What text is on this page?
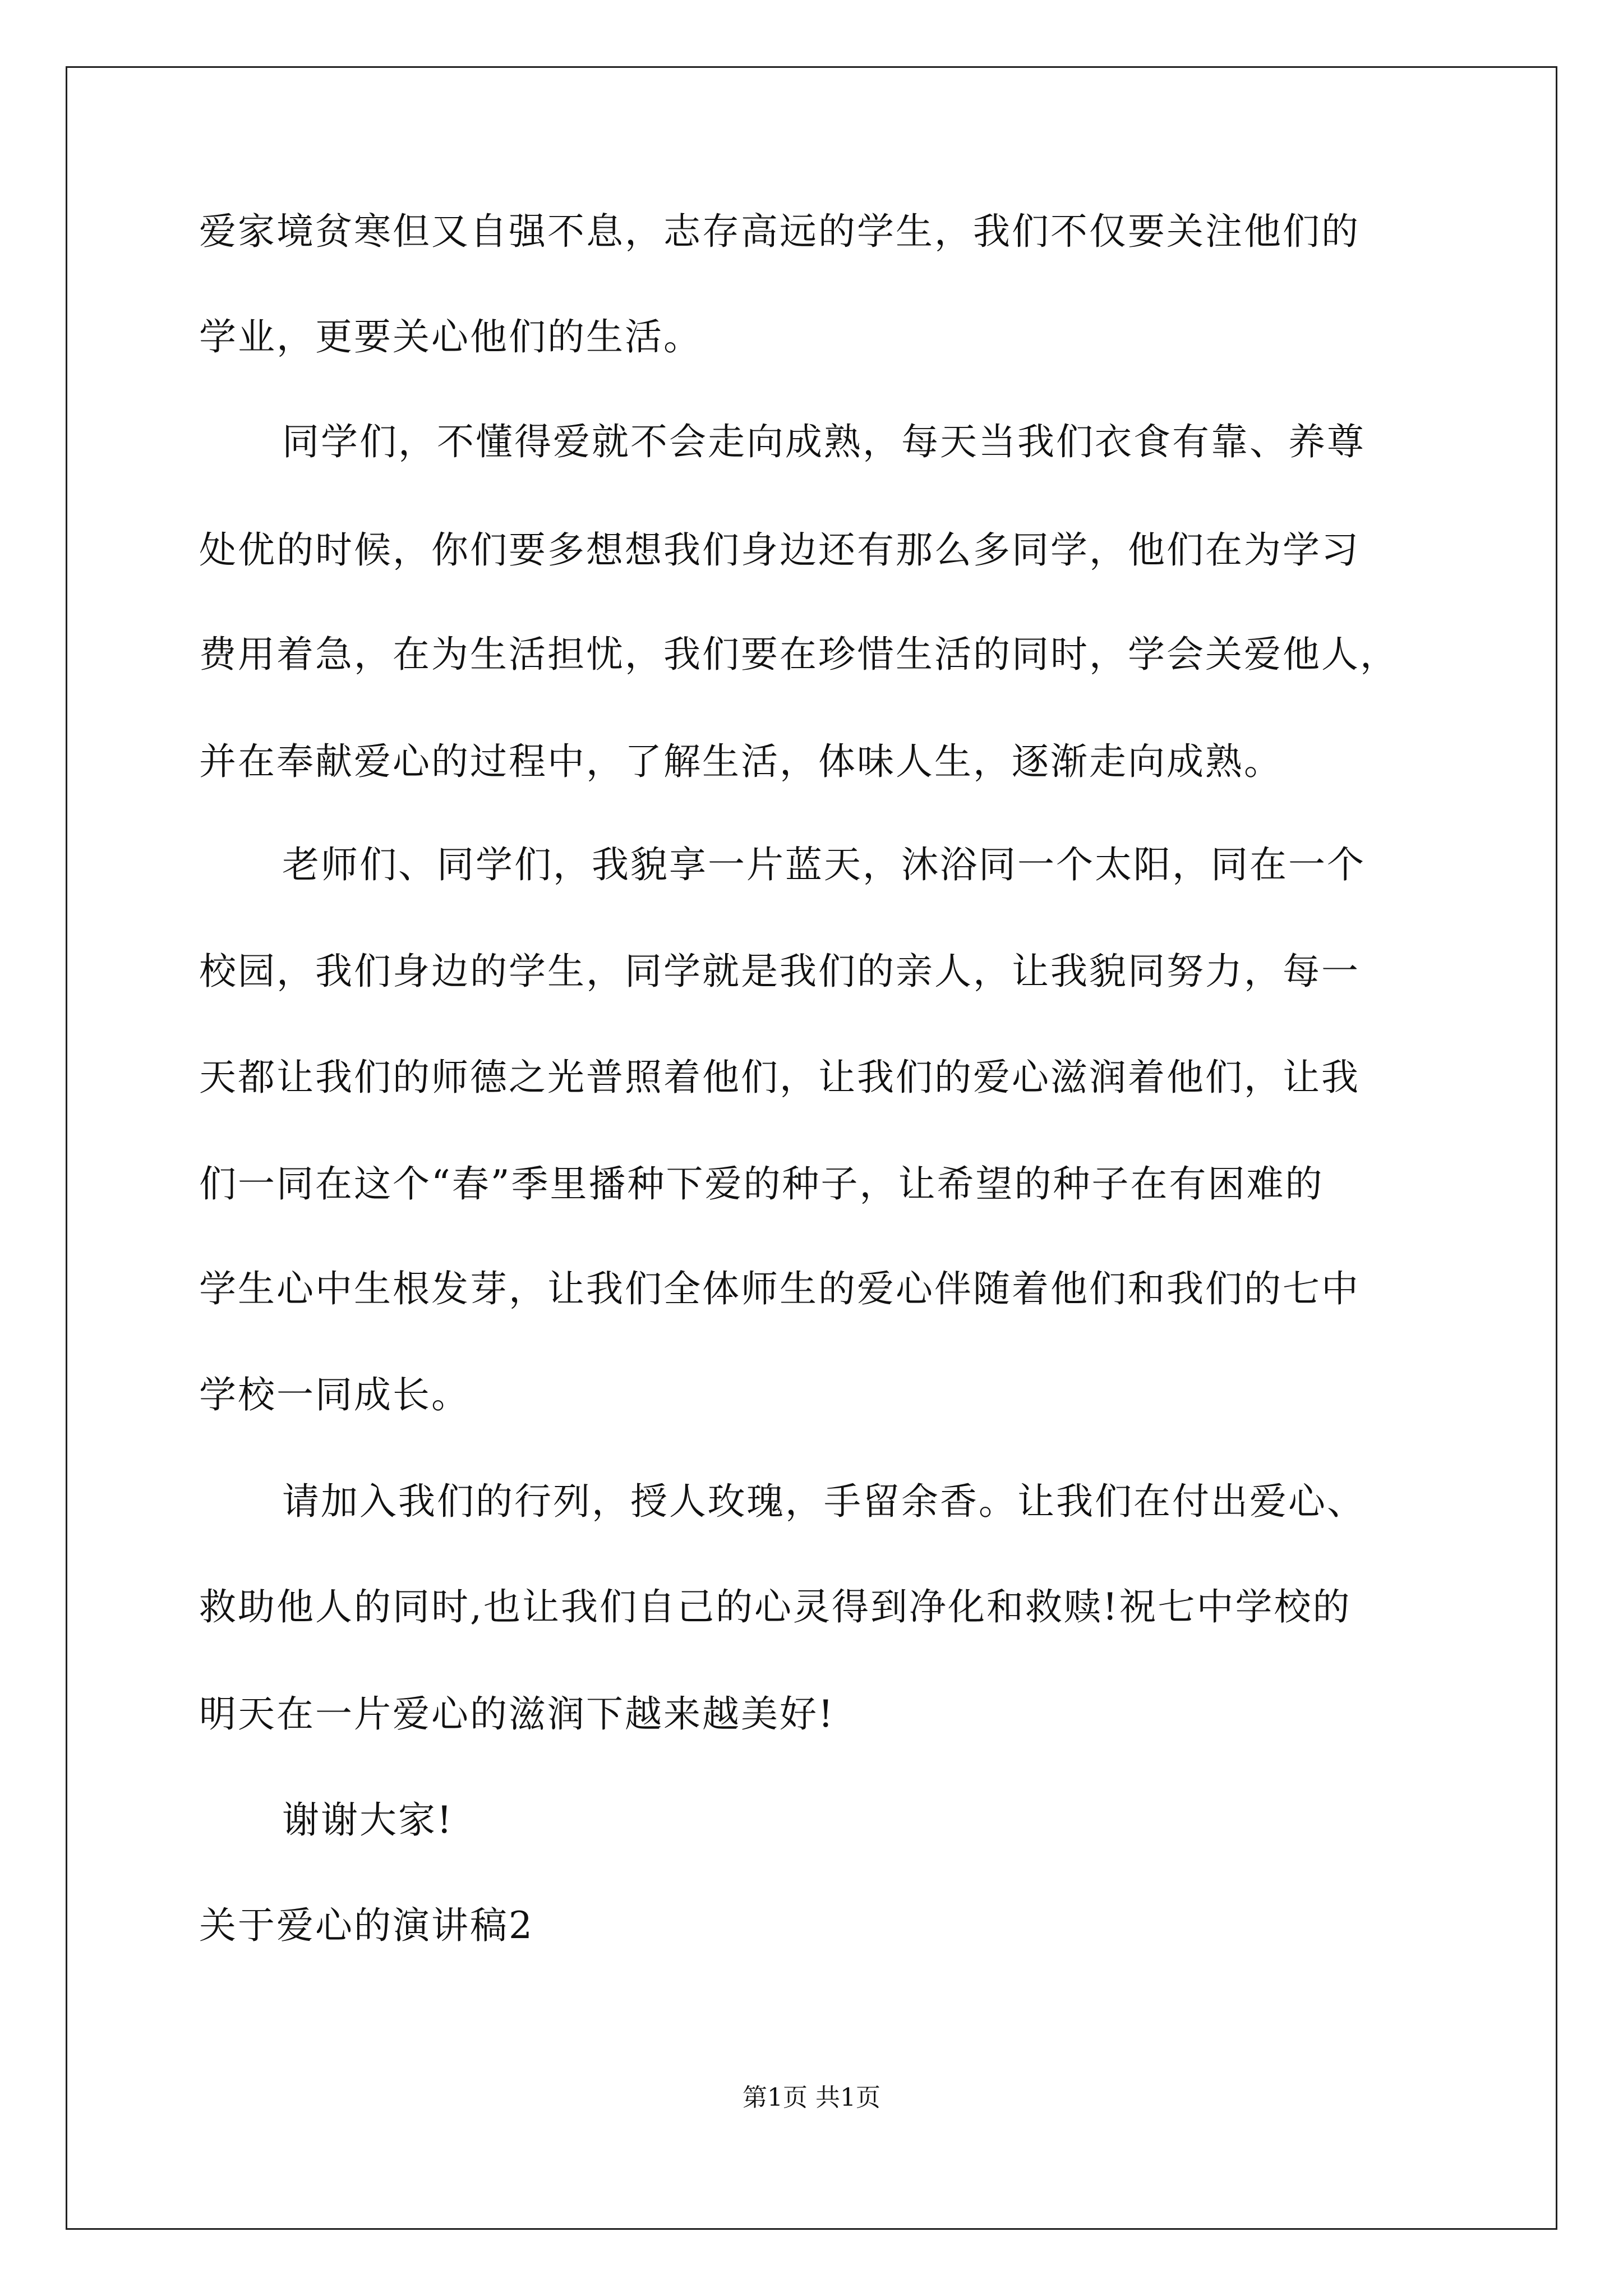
爱家境贫寒但又自强不息，志存高远的学生，我们不仅要关注他们的
学业，更要关心他们的生活。
同学们，不懂得爱就不会走向成熟，每天当我们衣食有靠、养尊
处优的时候，你们要多想想我们身边还有那么多同学，他们在为学习
费用着急，在为生活担忧，我们要在珍惜生活的同时，学会关爱他人，
并在奉献爱心的过程中，了解生活，体味人生，逐渐走向成熟。
老师们、同学们，我貌享一片蓝天，沐浴同一个太阳，同在一个
校园，我们身边的学生，同学就是我们的亲人，让我貌同努力，每一
天都让我们的师德之光普照着他们，让我们的爱心滋润着他们，让我
们一同在这个“春”季里播种下爱的种子，让希望的种子在有困难的
学生心中生根发芽，让我们全体师生的爱心伴随着他们和我们的七中
学校一同成长。
请加入我们的行列，授人玫瑰，手留余香。让我们在付出爱心、
救助他人的同时,也让我们自己的心灵得到净化和救赎!祝七中学校的
明天在一片爱心的滋润下越来越美好!
谢谢大家!
关于爱心的演讲稿2
第1页 共1页
